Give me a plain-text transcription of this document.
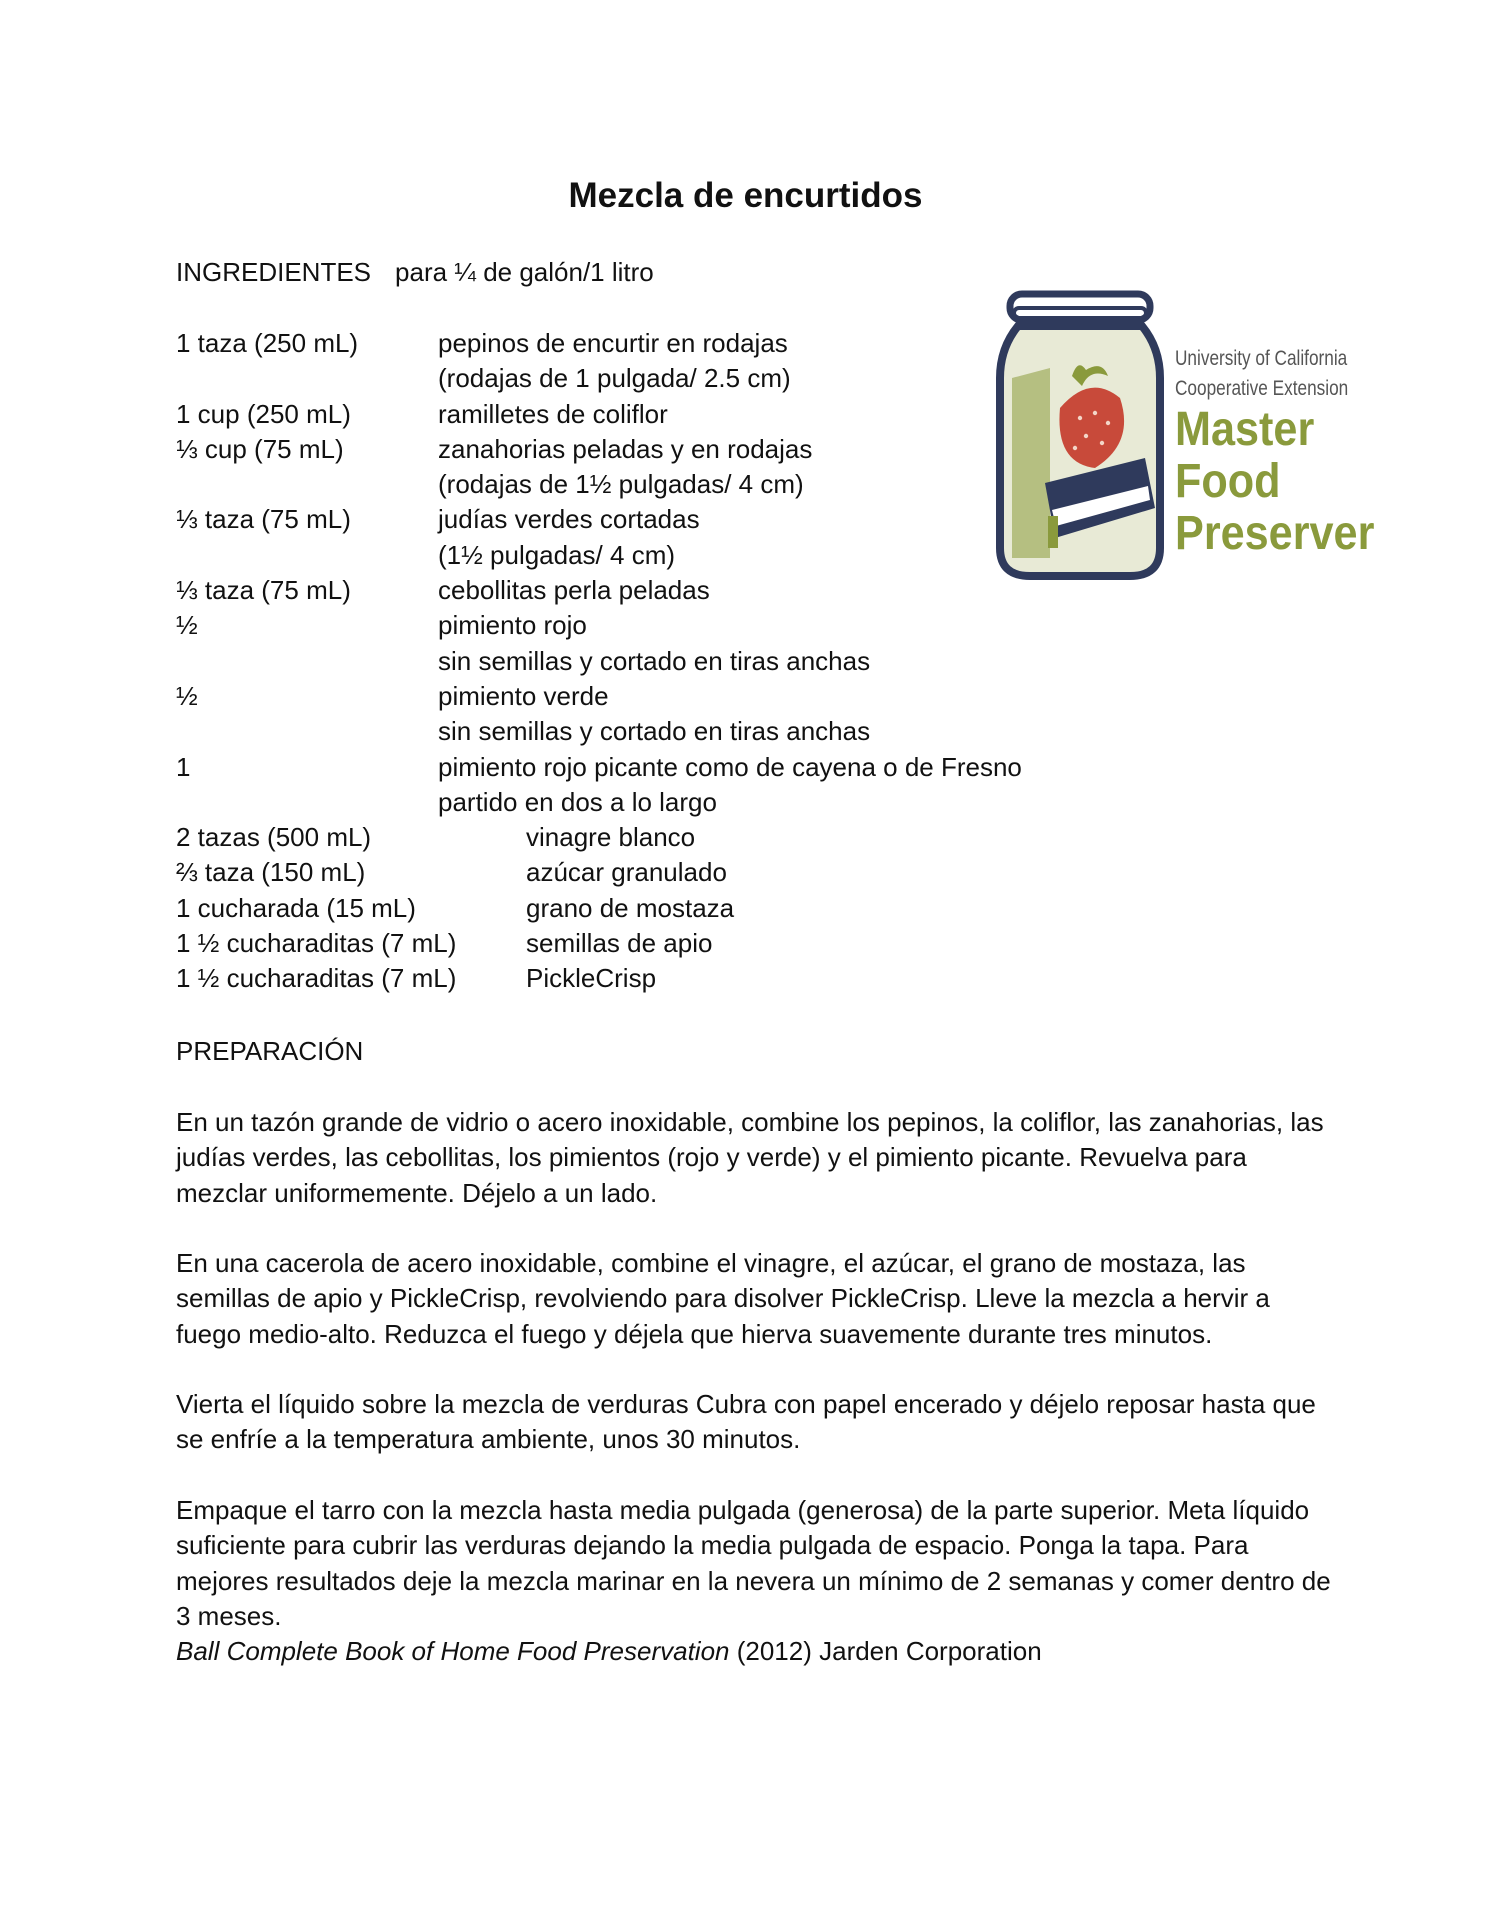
Mezcla de encurtidos
INGREDIENTES para ¼ de galón/1 litro
1 taza (250 mL)	pepinos de encurtir en rodajas
(rodajas de 1 pulgada/ 2.5 cm)
1 cup (250 mL)	ramilletes de coliflor
⅓ cup (75 mL)	zanahorias peladas y en rodajas
(rodajas de 1½ pulgadas/ 4 cm)
⅓ taza (75 mL)	judías verdes cortadas
(1½ pulgadas/ 4 cm)
⅓ taza (75 mL)	cebollitas perla peladas
½	pimiento rojo
sin semillas y cortado en tiras anchas
½	pimiento verde
sin semillas y cortado en tiras anchas
1	pimiento rojo picante como de cayena o de Fresno
partido en dos a lo largo
2 tazas (500 mL)	vinagre blanco
⅔ taza (150 mL)	azúcar granulado
1 cucharada (15 mL)	grano de mostaza
1 ½ cucharaditas (7 mL)	semillas de apio
1 ½ cucharaditas (7 mL)	PickleCrisp
PREPARACIÓN

En un tazón grande de vidrio o acero inoxidable, combine los pepinos, la coliflor, las zanahorias, las judías verdes, las cebollitas, los pimientos (rojo y verde) y el pimiento picante. Revuelva para mezclar uniformemente. Déjelo a un lado.

En una cacerola de acero inoxidable, combine el vinagre, el azúcar, el grano de mostaza, las semillas de apio y PickleCrisp, revolviendo para disolver PickleCrisp. Lleve la mezcla a hervir a fuego medio-alto. Reduzca el fuego y déjela que hierva suavemente durante tres minutos.

Vierta el líquido sobre la mezcla de verduras Cubra con papel encerado y déjelo reposar hasta que se enfríe a la temperatura ambiente, unos 30 minutos.

Empaque el tarro con la mezcla hasta media pulgada (generosa) de la parte superior. Meta líquido suficiente para cubrir las verduras dejando la media pulgada de espacio. Ponga la tapa. Para mejores resultados deje la mezcla marinar en la nevera un mínimo de 2 semanas y comer dentro de 3 meses.
Ball Complete Book of Home Food Preservation (2012) Jarden Corporation
University of California
Cooperative Extension
Master
Food
Preserver
